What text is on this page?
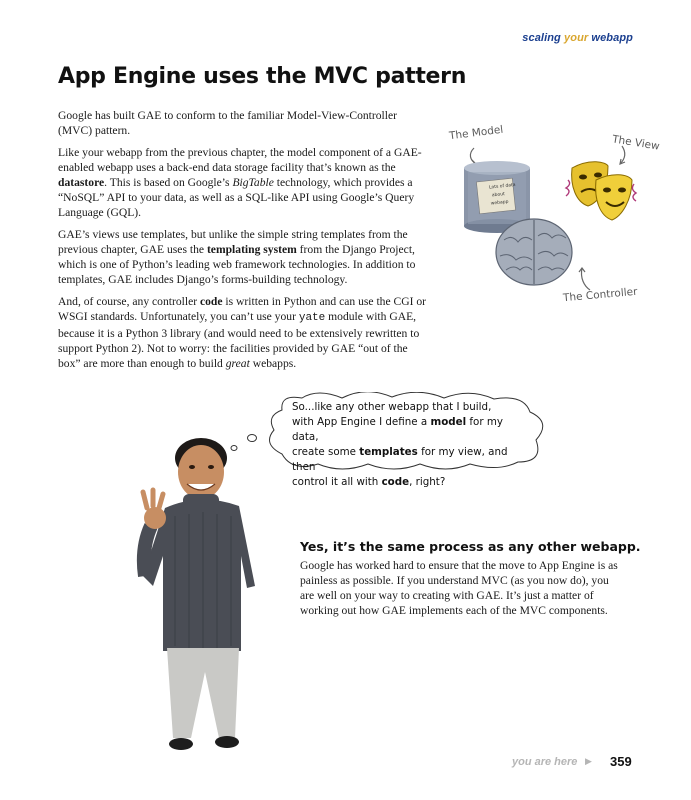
scaling your webapp
App Engine uses the MVC pattern

Google has built GAE to conform to the familiar Model-View-Controller (MVC) pattern.

Like your webapp from the previous chapter, the model component of a GAE-enabled webapp uses a back-end data storage facility that’s known as the datastore. This is based on Google’s BigTable technology, which provides a “NoSQL” API to your data, as well as a SQL-like API using Google’s Query Language (GQL).

GAE’s views use templates, but unlike the simple string templates from the previous chapter, GAE uses the templating system from the Django Project, which is one of Python’s leading web framework technologies. In addition to templates, GAE includes Django’s forms-building technology.

And, of course, any controller code is written in Python and can use the CGI or WSGI standards. Unfortunately, you can’t use your yate module with GAE, because it is a Python 3 library (and would need to be extensively rewritten to support Python 2). Not to worry: the facilities provided by GAE “out of the box” are more than enough to build great webapps.

The Model
The View
The Controller
Lots of data
about
webapp
So...like any other webapp that I build,
with App Engine I define a model for my data,
create some templates for my view, and then
control it all with code, right?
Yes, it’s the same process as any other webapp.
Google has worked hard to ensure that the move to App Engine is as painless as possible. If you understand MVC (as you now do), you are well on your way to creating with GAE. It’s just a matter of working out how GAE implements each of the MVC components.
you are here ▶ 359
